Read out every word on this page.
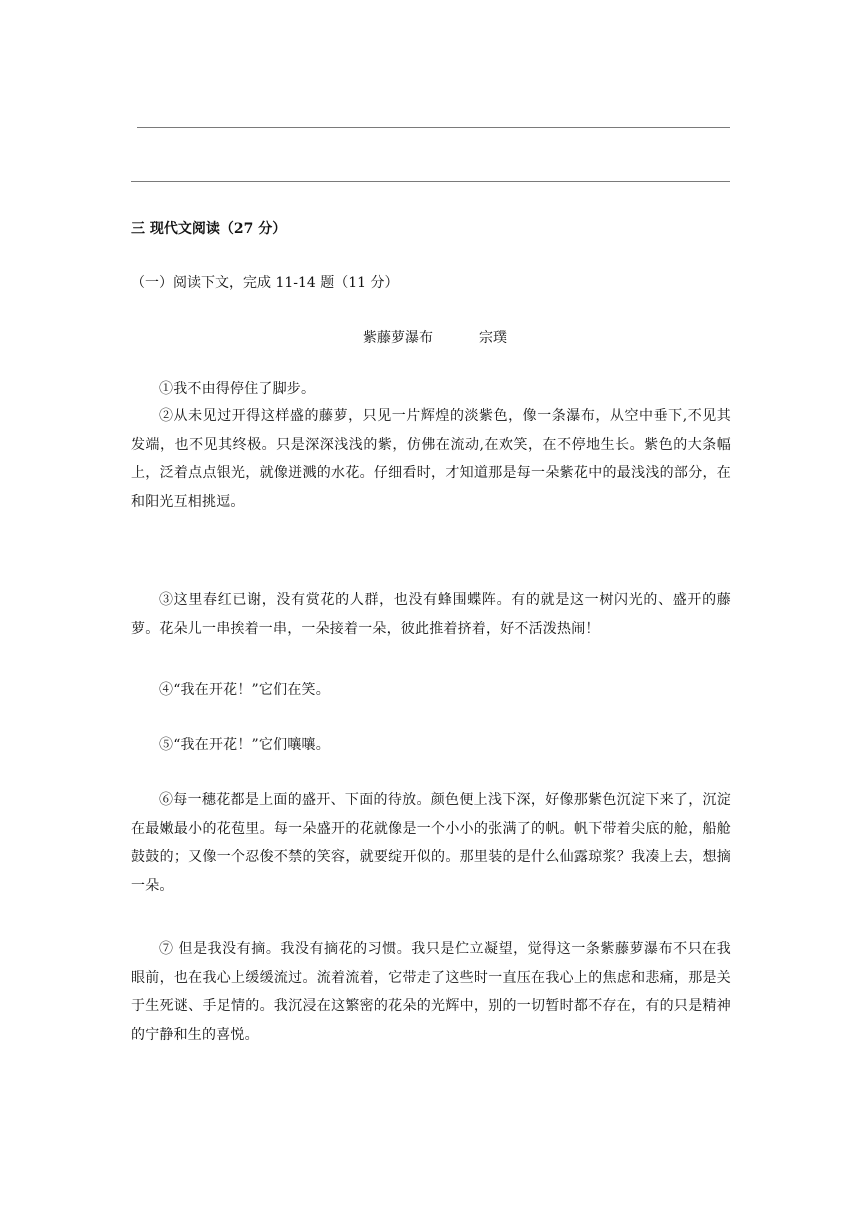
三 现代文阅读（27 分）
（一）阅读下文，完成 11-14 题（11 分）
紫藤萝瀑布	宗璞
①我不由得停住了脚步。
②从未见过开得这样盛的藤萝，只见一片辉煌的淡紫色，像一条瀑布，从空中垂下,不见其发端，也不见其终极。只是深深浅浅的紫，仿佛在流动,在欢笑，在不停地生长。紫色的大条幅上，泛着点点银光，就像迸溅的水花。仔细看时，才知道那是每一朵紫花中的最浅浅的部分，在和阳光互相挑逗。
③这里春红已谢，没有赏花的人群，也没有蜂围蝶阵。有的就是这一树闪光的、盛开的藤萝。花朵儿一串挨着一串，一朵接着一朵，彼此推着挤着，好不活泼热闹！
④“我在开花！”它们在笑。
⑤“我在开花！”它们嚷嚷。
⑥每一穗花都是上面的盛开、下面的待放。颜色便上浅下深，好像那紫色沉淀下来了，沉淀在最嫩最小的花苞里。每一朵盛开的花就像是一个小小的张满了的帆。帆下带着尖底的舱，船舱鼓鼓的；又像一个忍俊不禁的笑容，就要绽开似的。那里装的是什么仙露琼浆？我凑上去，想摘一朵。
⑦ 但是我没有摘。我没有摘花的习惯。我只是伫立凝望，觉得这一条紫藤萝瀑布不只在我眼前，也在我心上缓缓流过。流着流着，它带走了这些时一直压在我心上的焦虑和悲痛，那是关于生死谜、手足情的。我沉浸在这繁密的花朵的光辉中，别的一切暂时都不存在，有的只是精神的宁静和生的喜悦。
